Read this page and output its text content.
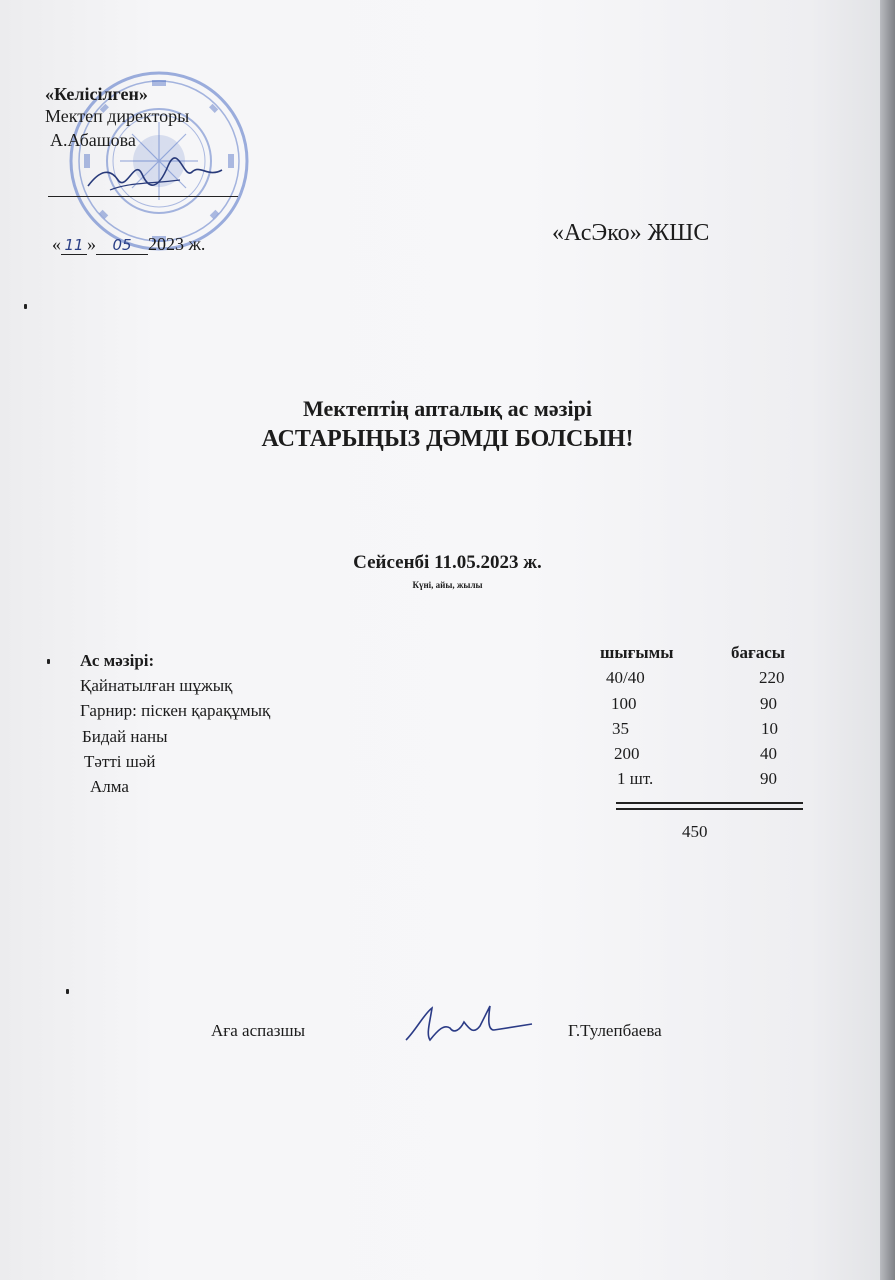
«Келісілген»
Мектеп директоры
А.Абашова
« 11 » 05 2023 ж.	«АсЭко» ЖШС
Мектептің апталық ас мәзірі
АСТАРЫҢЫЗ ДӘМДІ БОЛСЫН!
Сейсенбі 11.05.2023 ж.
Күні, айы, жылы
Ас мәзірі:	шығымы	бағасы
Қайнатылған шұжық	40/40	220
Гарнир: піскен қарақұмық	100	90
Бидай наны	35	10
Тәтті шәй	200	40
Алма	1 шт.	90
450
Аға аспазшы	Г.Тулепбаева
